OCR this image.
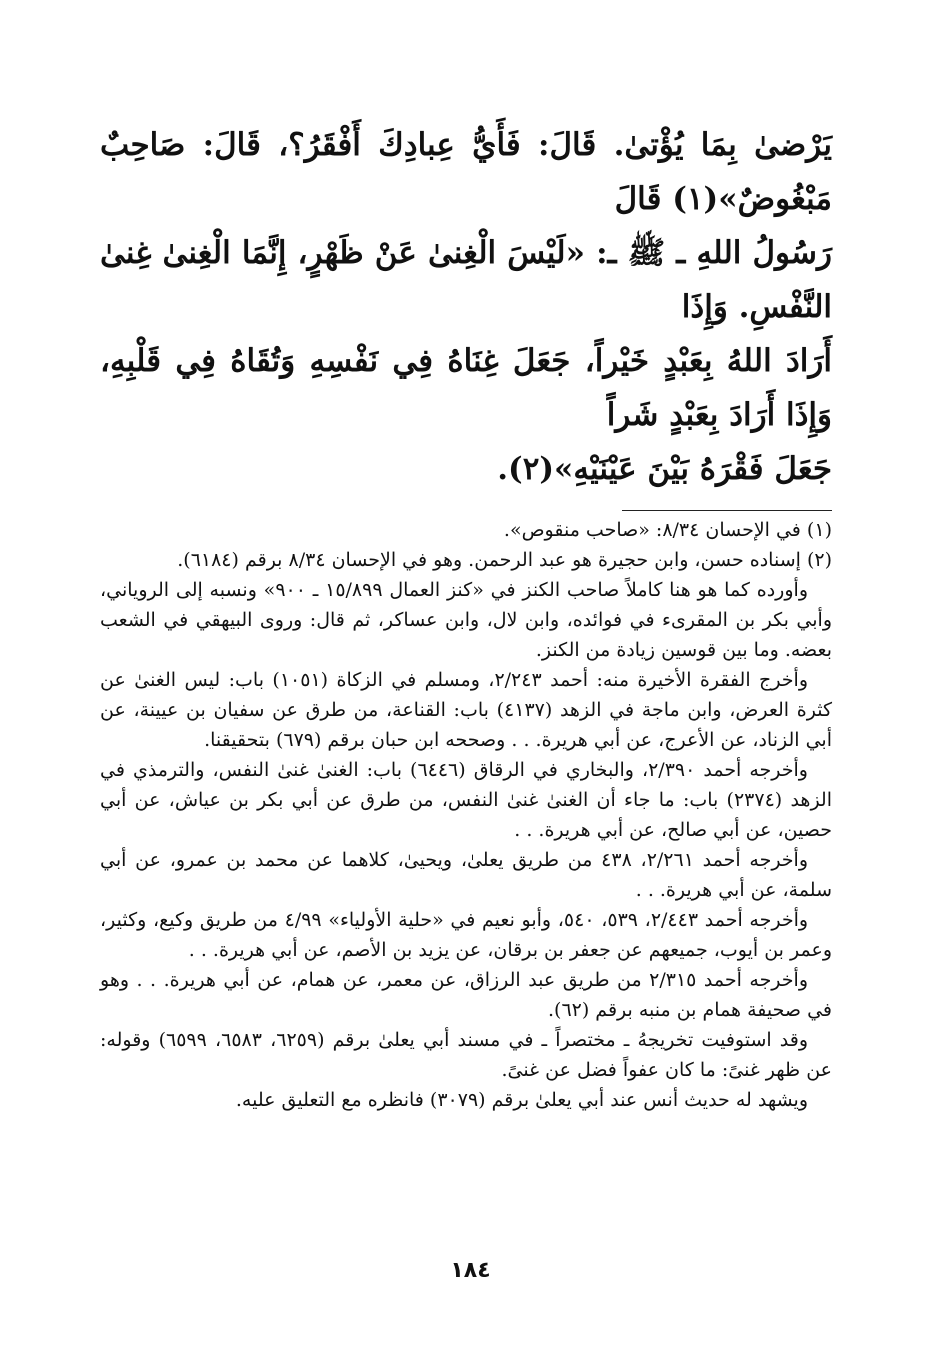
يَرْضىٰ بِمَا يُؤْتىٰ. قَالَ: فَأَيُّ عِبادِكَ أَفْقَرُ؟، قَالَ: صَاحِبٌ مَبْغُوضٌ»(١) قَالَ

رَسُولُ اللهِ ـ ﷺ ـ: «لَيْسَ الْغِنىٰ عَنْ ظَهْرٍ، إِنَّمَا الْغِنىٰ غِنىٰ النَّفْسِ. وَإِذَا

أَرَادَ اللهُ بِعَبْدٍ خَيْراً، جَعَلَ غِنَاهُ فِي نَفْسِهِ وَتُقَاهُ فِي قَلْبِهِ، وَإِذَا أَرَادَ بِعَبْدٍ شَراً

جَعَلَ فَقْرَهُ بَيْنَ عَيْنَيْهِ»(٢).

(١) في الإحسان ٨/٣٤: «صاحب منقوص».

(٢) إسناده حسن، وابن حجيرة هو عبد الرحمن. وهو في الإحسان ٨/٣٤ برقم (٦١٨٤).

وأورده كما هو هنا كاملاً صاحب الكنز في «كنز العمال ١٥/٨٩٩ ـ ٩٠٠» ونسبه إلى الروياني، وأبي بكر بن المقرىء في فوائده، وابن لال، وابن عساكر، ثم قال: وروى البيهقي في الشعب بعضه. وما بين قوسين زيادة من الكنز.

وأخرج الفقرة الأخيرة منه: أحمد ٢/٢٤٣، ومسلم في الزكاة (١٠٥١) باب: ليس الغنىٰ عن كثرة العرض، وابن ماجة في الزهد (٤١٣٧) باب: القناعة، من طرق عن سفيان بن عيينة، عن أبي الزناد، عن الأعرج، عن أبي هريرة. . . وصححه ابن حبان برقم (٦٧٩) بتحقيقنا.

وأخرجه أحمد ٢/٣٩٠، والبخاري في الرقاق (٦٤٤٦) باب: الغنىٰ غنىٰ النفس، والترمذي في الزهد (٢٣٧٤) باب: ما جاء أن الغنىٰ غنىٰ النفس، من طرق عن أبي بكر بن عياش، عن أبي حصين، عن أبي صالح، عن أبي هريرة. . .

وأخرجه أحمد ٢/٢٦١، ٤٣٨ من طريق يعلىٰ، ويحيىٰ، كلاهما عن محمد بن عمرو، عن أبي سلمة، عن أبي هريرة. . .

وأخرجه أحمد ٢/٤٤٣، ٥٣٩، ٥٤٠، وأبو نعيم في «حلية الأولياء» ٤/٩٩ من طريق وكيع، وكثير، وعمر بن أيوب، جميعهم عن جعفر بن برقان، عن يزيد بن الأصم، عن أبي هريرة. . .

وأخرجه أحمد ٢/٣١٥ من طريق عبد الرزاق، عن معمر، عن همام، عن أبي هريرة. . . وهو في صحيفة همام بن منبه برقم (٦٢).

وقد استوفيت تخريجهُ ـ مختصراً ـ في مسند أبي يعلىٰ برقم (٦٢٥٩، ٦٥٨٣، ٦٥٩٩) وقوله: عن ظهر غنىً: ما كان عفواً فضل عن غنىً.

ويشهد له حديث أنس عند أبي يعلىٰ برقم (٣٠٧٩) فانظره مع التعليق عليه.

١٨٤
